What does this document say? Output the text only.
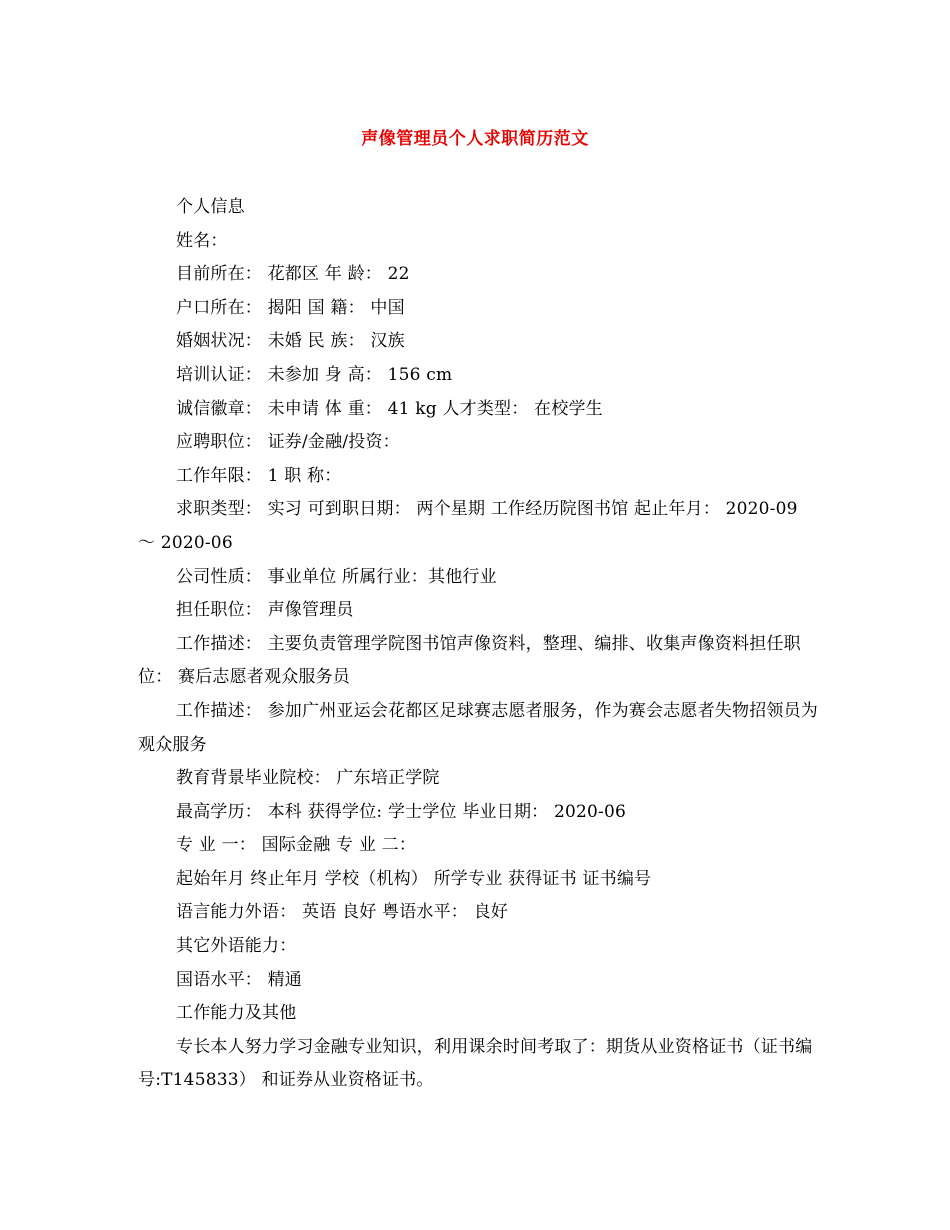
声像管理员个人求职简历范文

个人信息

姓名：

目前所在： 花都区 年 龄： 22

户口所在： 揭阳 国 籍： 中国

婚姻状况： 未婚 民 族： 汉族

培训认证： 未参加 身 高： 156 cm

诚信徽章： 未申请 体 重： 41 kg 人才类型： 在校学生

应聘职位： 证券/金融/投资：

工作年限： 1 职 称：

求职类型： 实习 可到职日期： 两个星期 工作经历院图书馆 起止年月： 2020-09 ～ 2020-06

公司性质： 事业单位 所属行业：其他行业

担任职位： 声像管理员

工作描述： 主要负责管理学院图书馆声像资料，整理、编排、收集声像资料担任职位： 赛后志愿者观众服务员

工作描述： 参加广州亚运会花都区足球赛志愿者服务，作为赛会志愿者失物招领员为观众服务

教育背景毕业院校： 广东培正学院

最高学历： 本科 获得学位: 学士学位 毕业日期： 2020-06

专 业 一： 国际金融 专 业 二：

起始年月 终止年月 学校（机构） 所学专业 获得证书 证书编号

语言能力外语： 英语 良好 粤语水平： 良好

其它外语能力：

国语水平： 精通

工作能力及其他

专长本人努力学习金融专业知识，利用课余时间考取了：期货从业资格证书（证书编号:T145833） 和证券从业资格证书。
